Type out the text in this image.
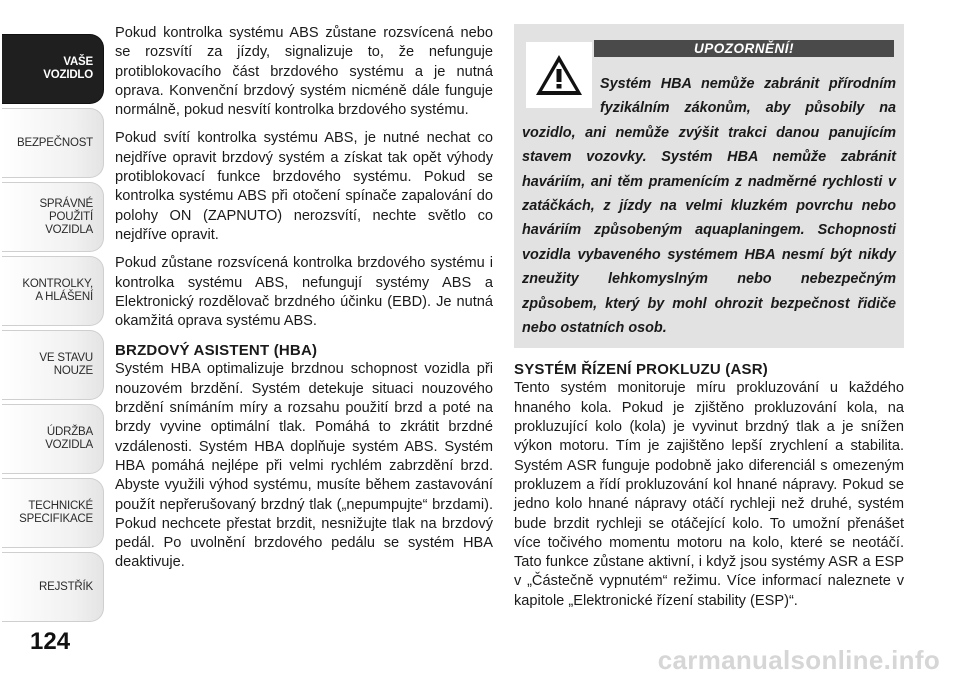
VAŠE
VOZIDLO
BEZPEČNOST
SPRÁVNÉ
POUŽITÍ
VOZIDLA
KONTROLKY,
A HLÁŠENÍ
VE STAVU
NOUZE
ÚDRŽBA
VOZIDLA
TECHNICKÉ
SPECIFIKACE
REJSTŘÍK
124

Pokud kontrolka systému ABS zůstane rozsvícená nebo se rozsvítí za jízdy, signalizuje to, že nefunguje protiblokovacího část brzdového systému a je nutná oprava. Konvenční brzdový systém nicméně dále funguje normálně, pokud nesvítí kontrolka brzdového systému.

Pokud svítí kontrolka systému ABS, je nutné nechat co nejdříve opravit brzdový systém a získat tak opět výhody protiblokovací funkce brzdového systému. Pokud se kontrolka systému ABS při otočení spínače zapalování do polohy ON (ZAPNUTO) nerozsvítí, nechte světlo co nejdříve opravit.

Pokud zůstane rozsvícená kontrolka brzdového systému i kontrolka systému ABS, nefungují systémy ABS a Elektronický rozdělovač brzdného účinku (EBD). Je nutná okamžitá oprava systému ABS.

BRZDOVÝ ASISTENT (HBA)

Systém HBA optimalizuje brzdnou schopnost vozidla při nouzovém brzdění. Systém detekuje situaci nouzového brzdění snímáním míry a rozsahu použití brzd a poté na brzdy vyvine optimální tlak. Pomáhá to zkrátit brzdné vzdálenosti. Systém HBA doplňuje systém ABS. Systém HBA pomáhá nejlépe při velmi rychlém zabrzdění brzd. Abyste využili výhod systému, musíte během zastavování použít nepřerušovaný brzdný tlak („nepumpujte“ brzdami). Pokud nechcete přestat brzdit, nesnižujte tlak na brzdový pedál. Po uvolnění brzdového pedálu se systém HBA deaktivuje.

UPOZORNĚNÍ!
Systém HBA nemůže zabránit přírodním fyzikálním zákonům, aby působily na vozidlo, ani nemůže zvýšit trakci danou panujícím stavem vozovky. Systém HBA nemůže zabránit haváriím, ani těm pramenícím z nadměrné rychlosti v zatáčkách, z jízdy na velmi kluzkém povrchu nebo haváriím způsobeným aquaplaningem. Schopnosti vozidla vybaveného systémem HBA nesmí být nikdy zneužity lehkomyslným nebo nebezpečným způsobem, který by mohl ohrozit bezpečnost řidiče nebo ostatních osob.
SYSTÉM ŘÍZENÍ PROKLUZU (ASR)

Tento systém monitoruje míru prokluzování u každého hnaného kola. Pokud je zjištěno prokluzování kola, na prokluzující kolo (kola) je vyvinut brzdný tlak a je snížen výkon motoru. Tím je zajištěno lepší zrychlení a stabilita. Systém ASR funguje podobně jako diferenciál s omezeným prokluzem a řídí prokluzování kol hnané nápravy. Pokud se jedno kolo hnané nápravy otáčí rychleji než druhé, systém bude brzdit rychleji se otáčející kolo. To umožní přenášet více točivého momentu motoru na kolo, které se neotáčí. Tato funkce zůstane aktivní, i když jsou systémy ASR a ESP v „Částečně vypnutém“ režimu. Více informací naleznete v kapitole „Elektronické řízení stability (ESP)“.

carmanualsonline.info
